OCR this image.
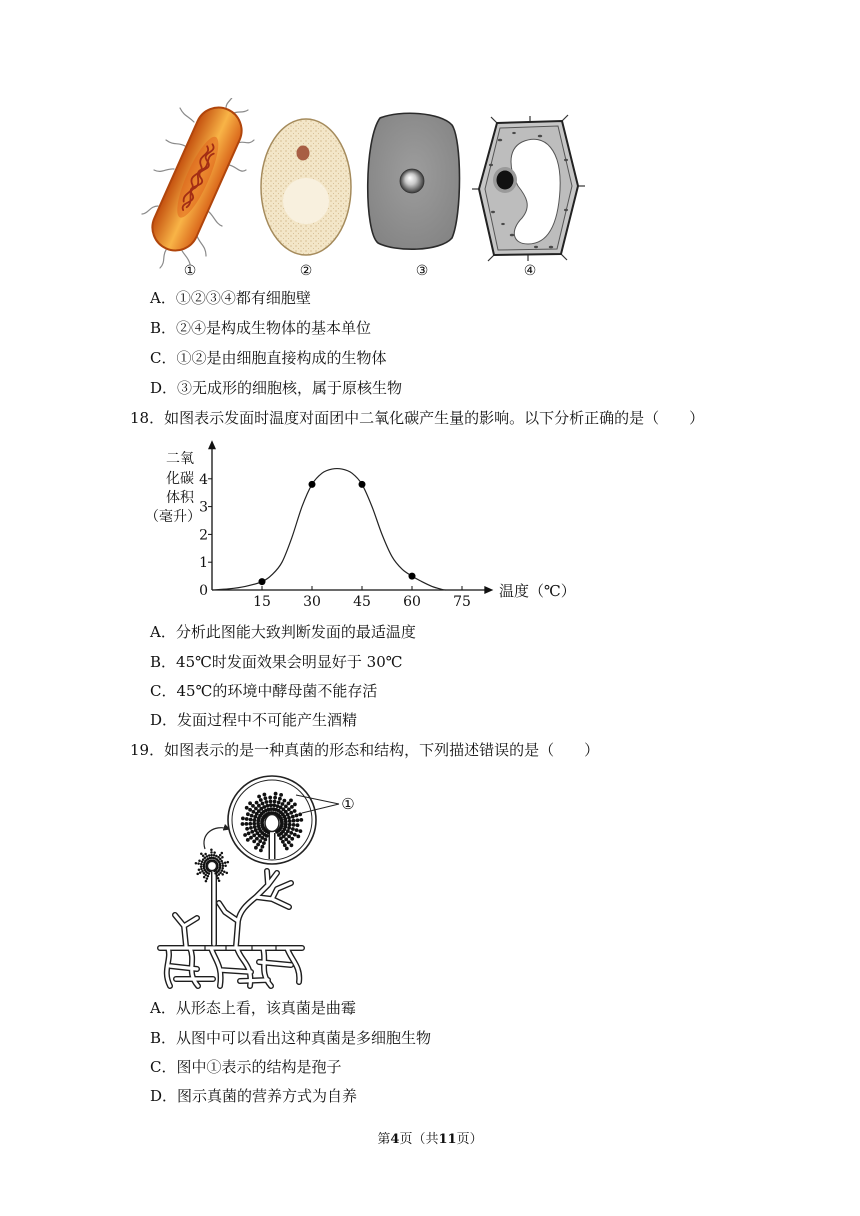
①	②	③	④
A．①②③④都有细胞壁
B．②④是构成生物体的基本单位
C．①②是由细胞直接构成的生物体
D．③无成形的细胞核，属于原核生物
18．如图表示发面时温度对面团中二氧化碳产生量的影响。以下分析正确的是（　　）
15 30 45 60 75
0
1
2
3
4
二氧
化碳
体积
（毫升）
温度（℃）
A．分析此图能大致判断发面的最适温度
B．45℃时发面效果会明显好于 30℃
C．45℃的环境中酵母菌不能存活
D．发面过程中不可能产生酒精
19．如图表示的是一种真菌的形态和结构，下列描述错误的是（　　）
①
A．从形态上看，该真菌是曲霉
B．从图中可以看出这种真菌是多细胞生物
C．图中①表示的结构是孢子
D．图示真菌的营养方式为自养
第4页（共11页）
